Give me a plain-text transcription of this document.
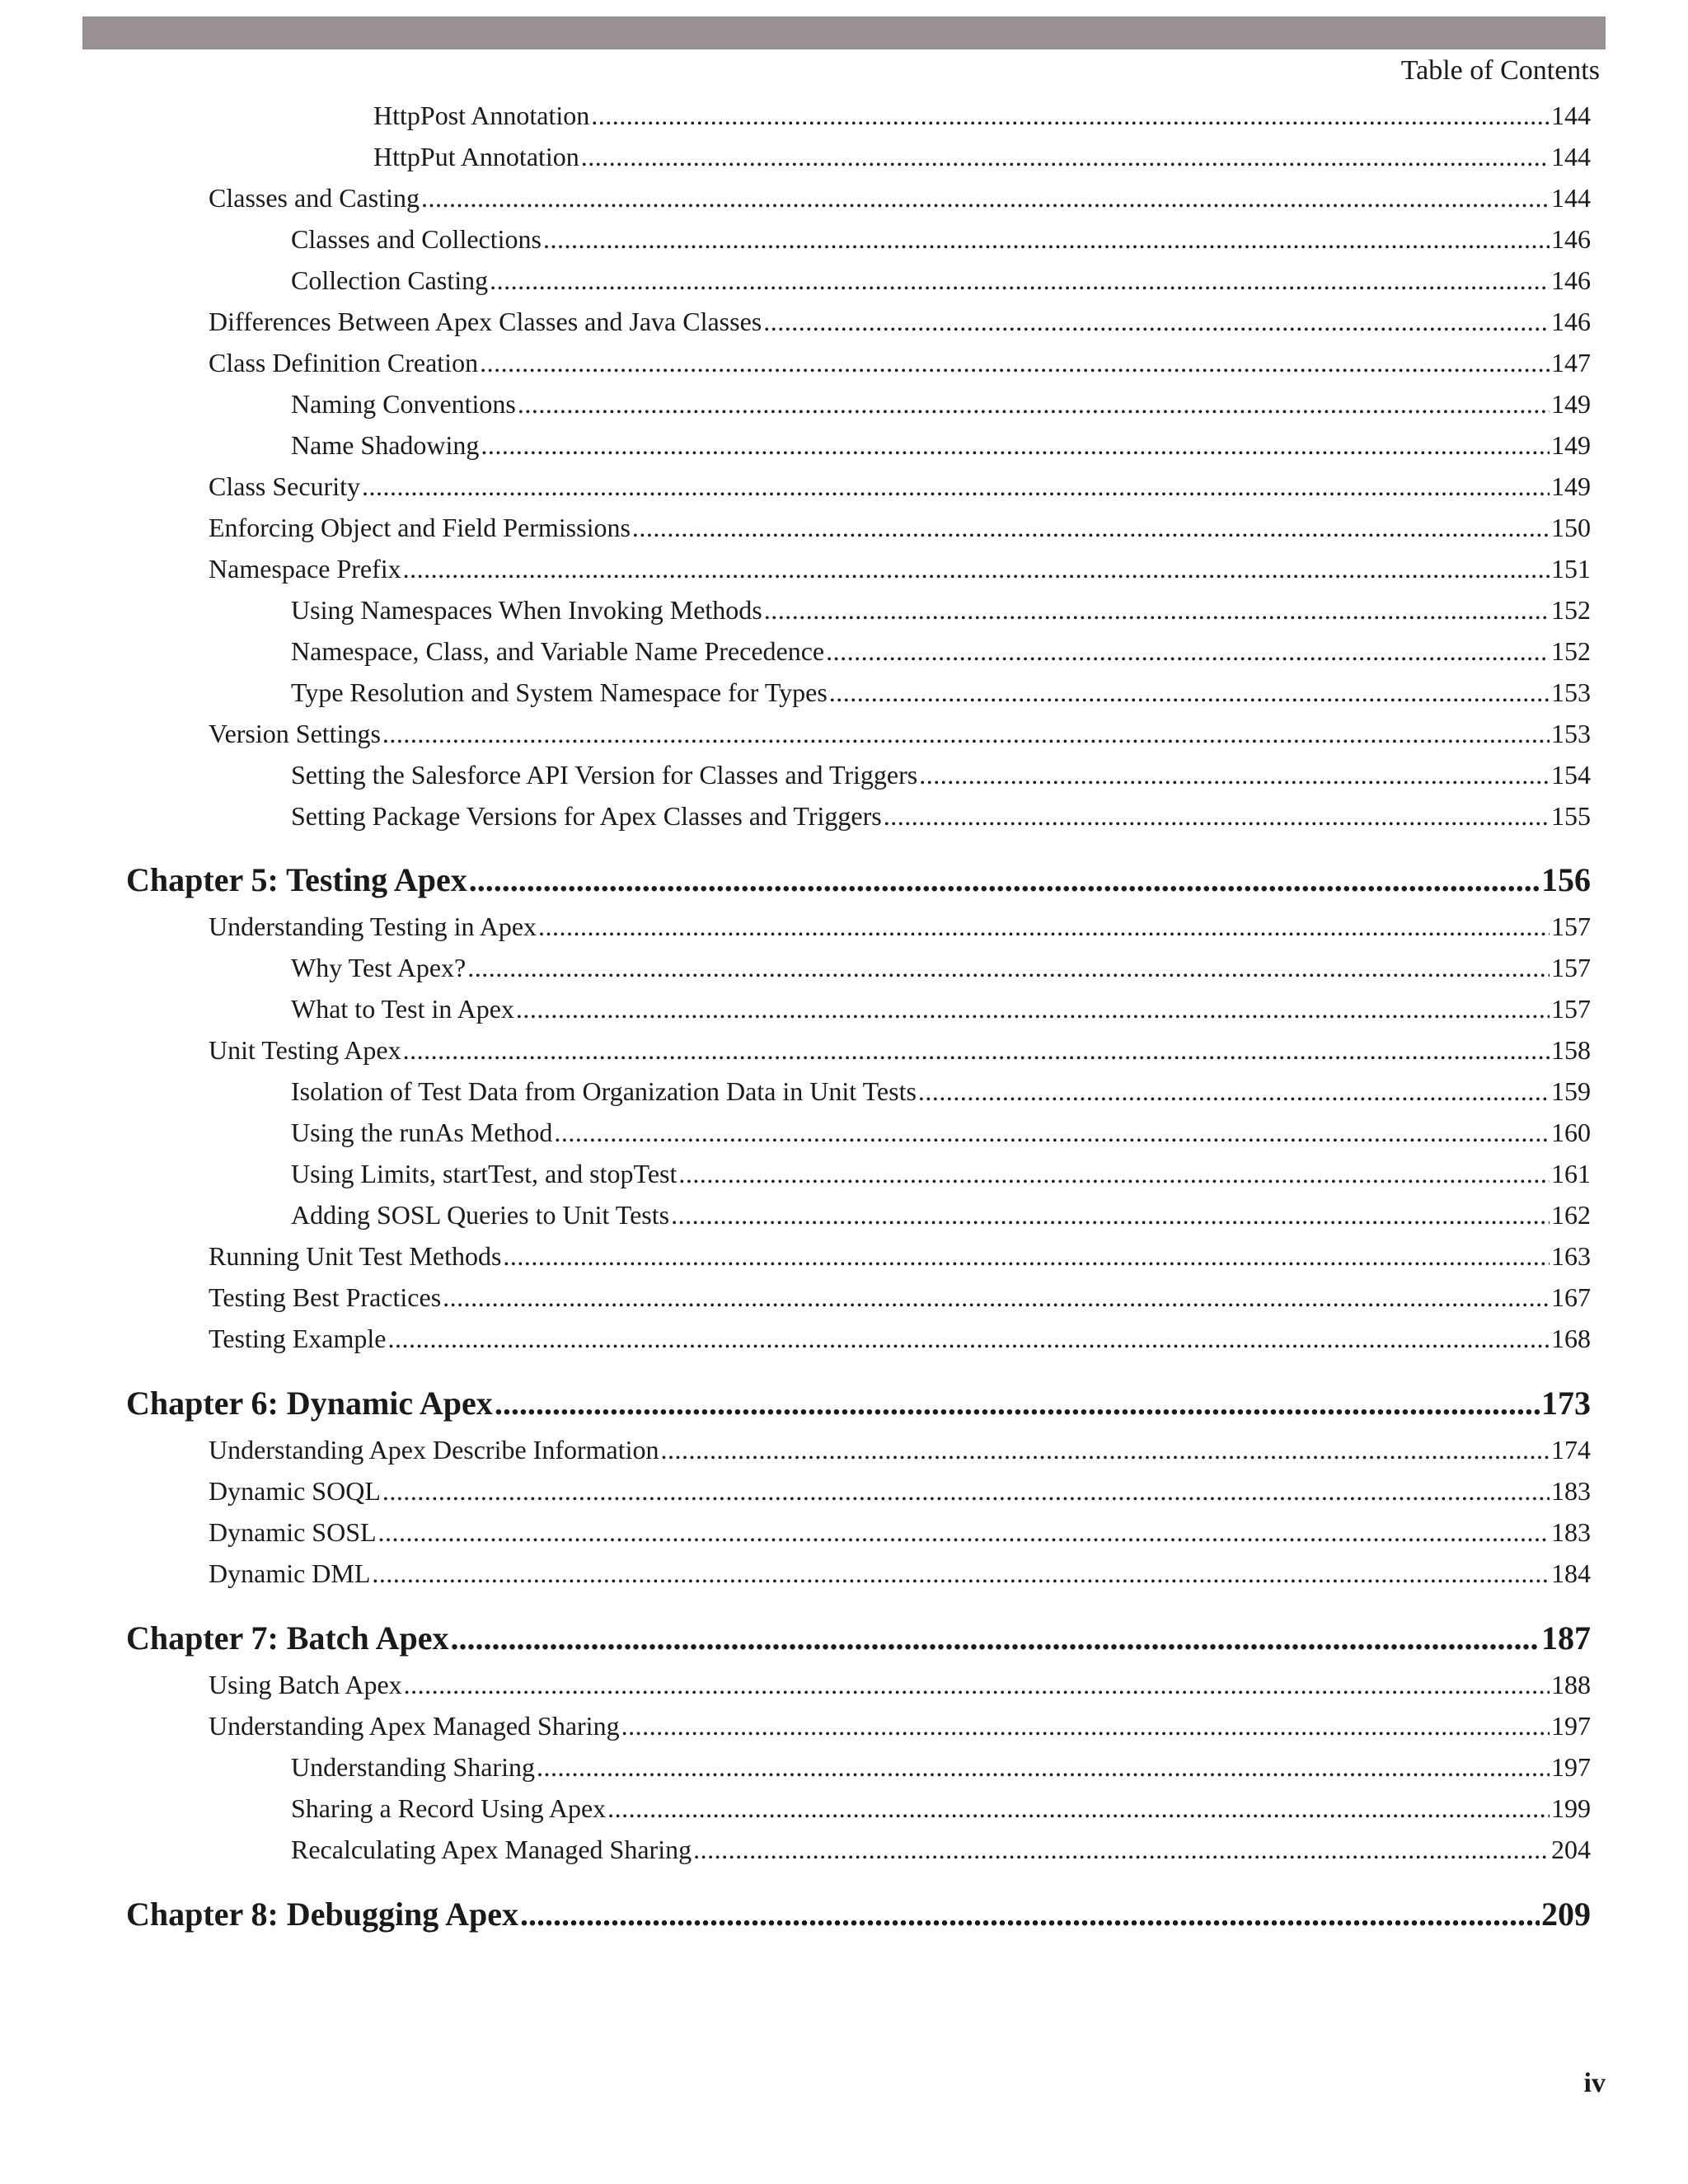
Table of Contents
HttpPost Annotation .....	144
HttpPut Annotation .....	144
Classes and Casting .....	144
Classes and Collections .....	146
Collection Casting .....	146
Differences Between Apex Classes and Java Classes .....	146
Class Definition Creation .....	147
Naming Conventions .....	149
Name Shadowing .....	149
Class Security .....	149
Enforcing Object and Field Permissions .....	150
Namespace Prefix .....	151
Using Namespaces When Invoking Methods .....	152
Namespace, Class, and Variable Name Precedence .....	152
Type Resolution and System Namespace for Types .....	153
Version Settings .....	153
Setting the Salesforce API Version for Classes and Triggers .....	154
Setting Package Versions for Apex Classes and Triggers .....	155
Chapter 5: Testing Apex .....	156
Understanding Testing in Apex .....	157
Why Test Apex? .....	157
What to Test in Apex .....	157
Unit Testing Apex .....	158
Isolation of Test Data from Organization Data in Unit Tests .....	159
Using the runAs Method .....	160
Using Limits, startTest, and stopTest .....	161
Adding SOSL Queries to Unit Tests .....	162
Running Unit Test Methods .....	163
Testing Best Practices .....	167
Testing Example .....	168
Chapter 6: Dynamic Apex .....	173
Understanding Apex Describe Information .....	174
Dynamic SOQL .....	183
Dynamic SOSL .....	183
Dynamic DML .....	184
Chapter 7: Batch Apex .....	187
Using Batch Apex .....	188
Understanding Apex Managed Sharing .....	197
Understanding Sharing .....	197
Sharing a Record Using Apex .....	199
Recalculating Apex Managed Sharing .....	204
Chapter 8: Debugging Apex .....	209
iv
